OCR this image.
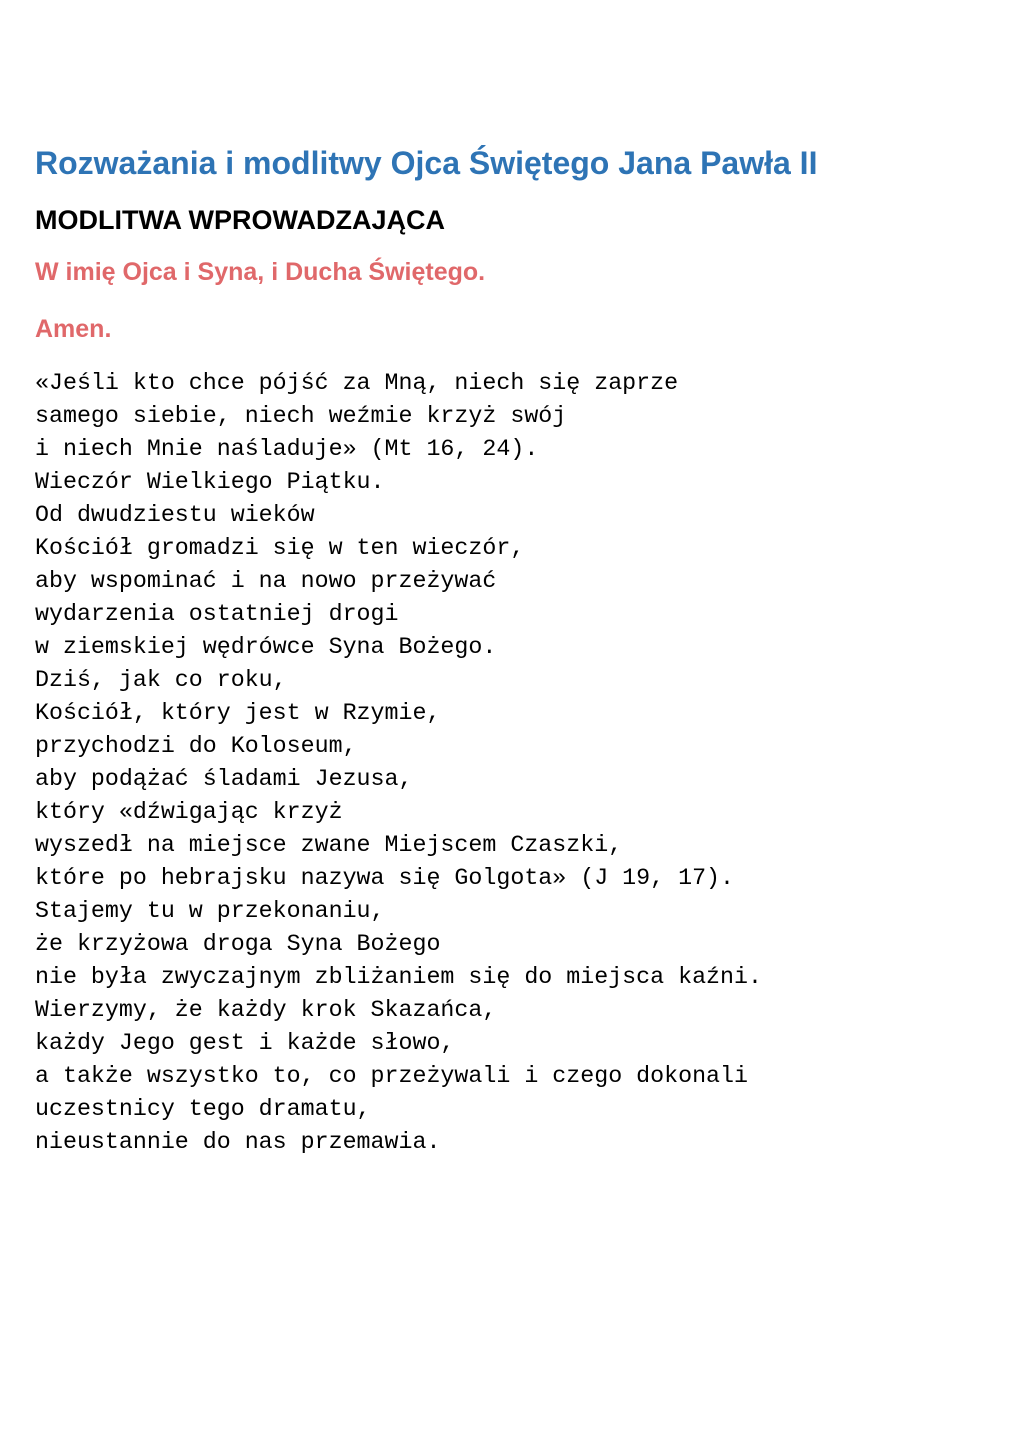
Rozważania i modlitwy Ojca Świętego Jana Pawła II
MODLITWA WPROWADZAJĄCA

W imię Ojca i Syna, i Ducha Świętego.

Amen.

«Jeśli kto chce pójść za Mną, niech się zaprze
samego siebie, niech weźmie krzyż swój
i niech Mnie naśladuje» (Mt 16, 24).
Wieczór Wielkiego Piątku.
Od dwudziestu wieków
Kościół gromadzi się w ten wieczór,
aby wspominać i na nowo przeżywać
wydarzenia ostatniej drogi
w ziemskiej wędrówce Syna Bożego.
Dziś, jak co roku,
Kościół, który jest w Rzymie,
przychodzi do Koloseum,
aby podążać śladami Jezusa,
który «dźwigając krzyż
wyszedł na miejsce zwane Miejscem Czaszki,
które po hebrajsku nazywa się Golgota» (J 19, 17).
Stajemy tu w przekonaniu,
że krzyżowa droga Syna Bożego
nie była zwyczajnym zbliżaniem się do miejsca kaźni.
Wierzymy, że każdy krok Skazańca,
każdy Jego gest i każde słowo,
a także wszystko to, co przeżywali i czego dokonali
uczestnicy tego dramatu,
nieustannie do nas przemawia.
